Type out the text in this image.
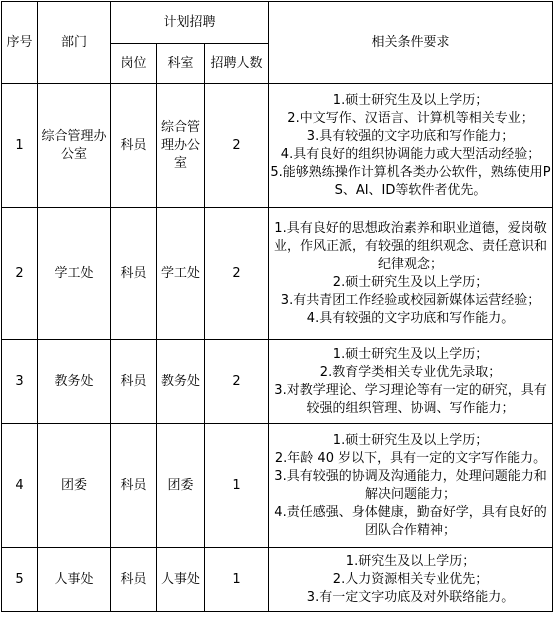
序号	部门	计划招聘			相关条件要求
		岗位	科室	招聘人数	
1	综合管理办公室	科员	综合管理办公室	2	1.硕士研究生及以上学历；
2.中文写作、汉语言、计算机等相关专业；
3.具有较强的文字功底和写作能力；
4.具有良好的组织协调能力或大型活动经验；
5.能够熟练操作计算机各类办公软件，熟练使用PS、AI、ID等软件者优先。

2	学工处	科员	学工处	2	1.具有良好的思想政治素养和职业道德，爱岗敬业，作风正派，有较强的组织观念、责任意识和纪律观念；
2.硕士研究生及以上学历；
3.有共青团工作经验或校园新媒体运营经验；
4.具有较强的文字功底和写作能力。

3	教务处	科员	教务处	2	1.硕士研究生及以上学历；
2.教育学类相关专业优先录取；
3.对教学理论、学习理论等有一定的研究，具有较强的组织管理、协调、写作能力；

4	团委	科员	团委	1	1.硕士研究生及以上学历；
2.年龄 40 岁以下，具有一定的文字写作能力。
3.具有较强的协调及沟通能力，处理问题能力和解决问题能力；
4.责任感强、身体健康，勤奋好学，具有良好的团队合作精神；

5	人事处	科员	人事处	1	1.研究生及以上学历；
2.人力资源相关专业优先；
3.有一定文字功底及对外联络能力。
